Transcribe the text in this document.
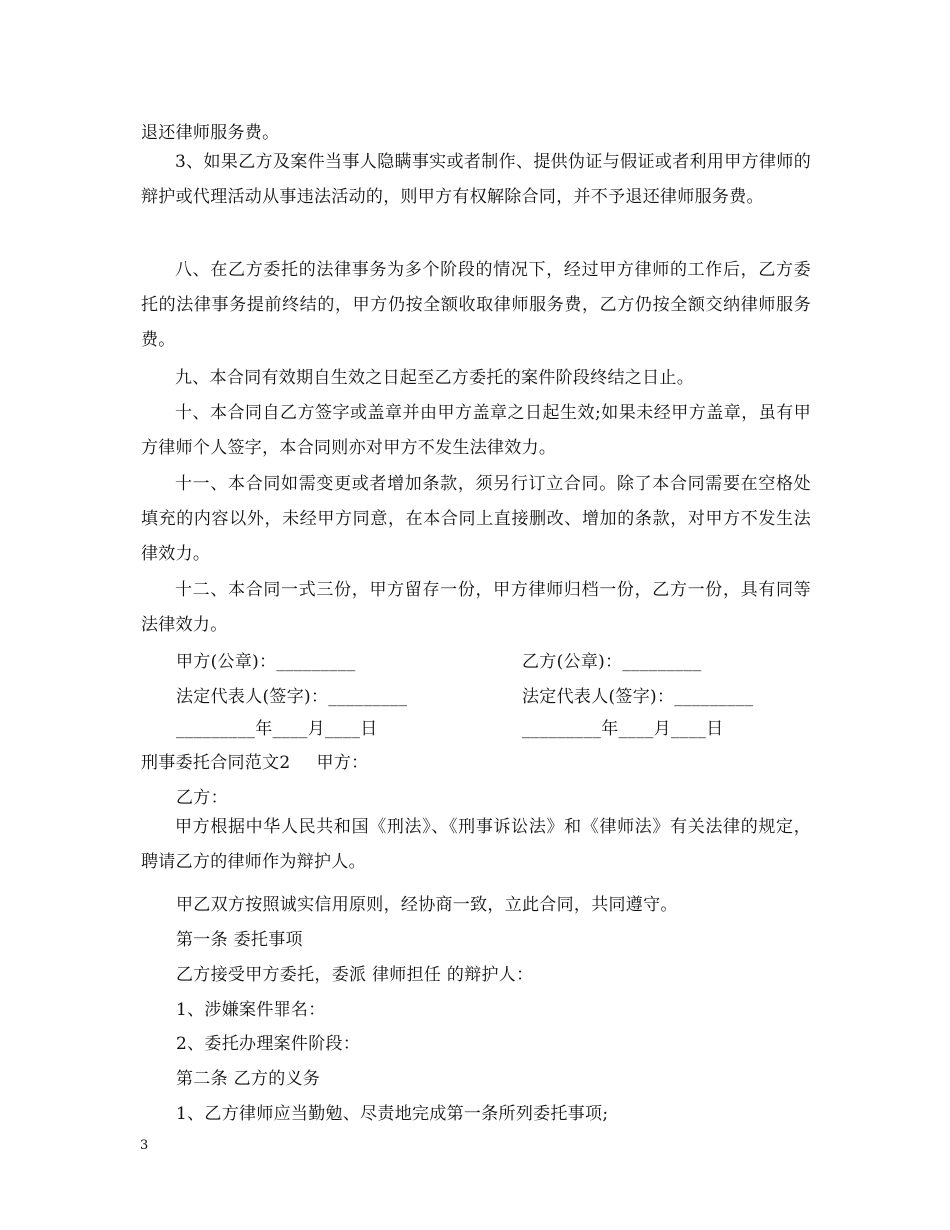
退还律师服务费。
3、如果乙方及案件当事人隐瞒事实或者制作、提供伪证与假证或者利用甲方律师的辩护或代理活动从事违法活动的，则甲方有权解除合同，并不予退还律师服务费。
八、在乙方委托的法律事务为多个阶段的情况下，经过甲方律师的工作后，乙方委托的法律事务提前终结的，甲方仍按全额收取律师服务费，乙方仍按全额交纳律师服务费。
九、本合同有效期自生效之日起至乙方委托的案件阶段终结之日止。
十、本合同自乙方签字或盖章并由甲方盖章之日起生效;如果未经甲方盖章，虽有甲方律师个人签字，本合同则亦对甲方不发生法律效力。
十一、本合同如需变更或者增加条款，须另行订立合同。除了本合同需要在空格处填充的内容以外，未经甲方同意，在本合同上直接删改、增加的条款，对甲方不发生法律效力。
十二、本合同一式三份，甲方留存一份，甲方律师归档一份，乙方一份，具有同等法律效力。
甲方(公章)：_________	乙方(公章)：_________
法定代表人(签字)：_________	法定代表人(签字)：_________
_________年____月____日	_________年____月____日
刑事委托合同范文2 甲方：
乙方：
甲方根据中华人民共和国《刑法》、《刑事诉讼法》和《律师法》有关法律的规定，聘请乙方的律师作为辩护人。
甲乙双方按照诚实信用原则，经协商一致，立此合同，共同遵守。
第一条 委托事项
乙方接受甲方委托，委派 律师担任 的辩护人：
1、涉嫌案件罪名：
2、委托办理案件阶段：
第二条 乙方的义务
1、乙方律师应当勤勉、尽责地完成第一条所列委托事项;
3
